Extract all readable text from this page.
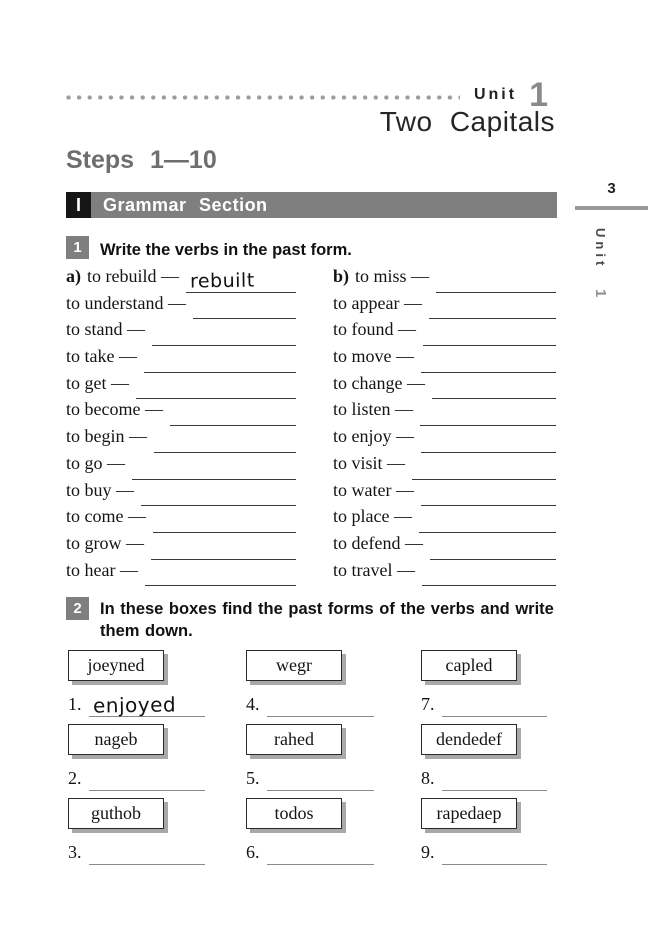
Unit 1
Two Capitals
Steps 1—10
I	Grammar Section
3
Unit 1
1	Write the verbs in the past form.
a) to rebuild — rebuilt
to understand —
to stand —
to take —
to get —
to become —
to begin —
to go —
to buy —
to come —
to grow —
to hear —
b) to miss —
to appear —
to found —
to move —
to change —
to listen —
to enjoy —
to visit —
to water —
to place —
to defend —
to travel —
2	In these boxes find the past forms of the verbs and write them down.
joeyned
1. enjoyed
nageb
2.
guthob
3.
wegr
4.
rahed
5.
todos
6.
capled
7.
dendedef
8.
rapedaep
9.
